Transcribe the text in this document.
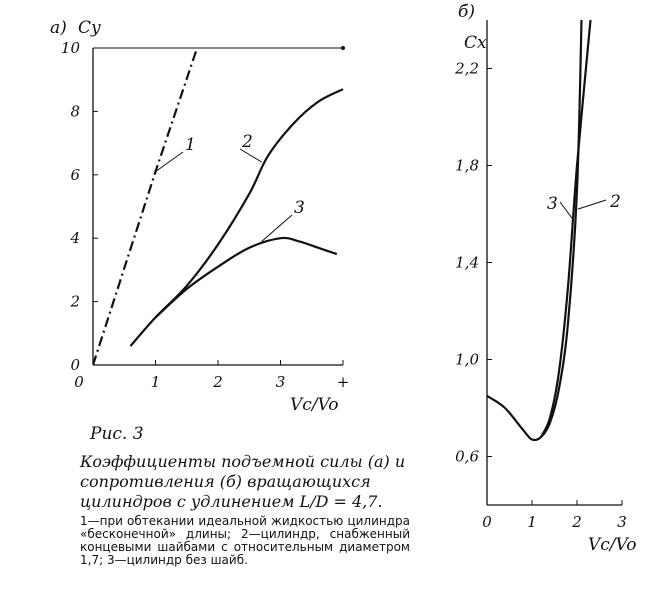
0
2
4
6
8
10
0	1	2	3	+
а) Cy
Vc/Vo
1	2
3
0,6
1,0
1,4
1,8
2,2
0 1 2 3
б)
Cx
Vc/Vo
2
3

Рис. 3

Коэффициенты подъемной силы (а) и сопротивления (б) вращающихся цилиндров с удлинением L/D = 4,7.

1—при обтекании идеальной жидкостью цилиндра «бесконечной» длины; 2—цилиндр, снабженный концевыми шайбами с относительным диаметром 1,7; 3—цилиндр без шайб.
